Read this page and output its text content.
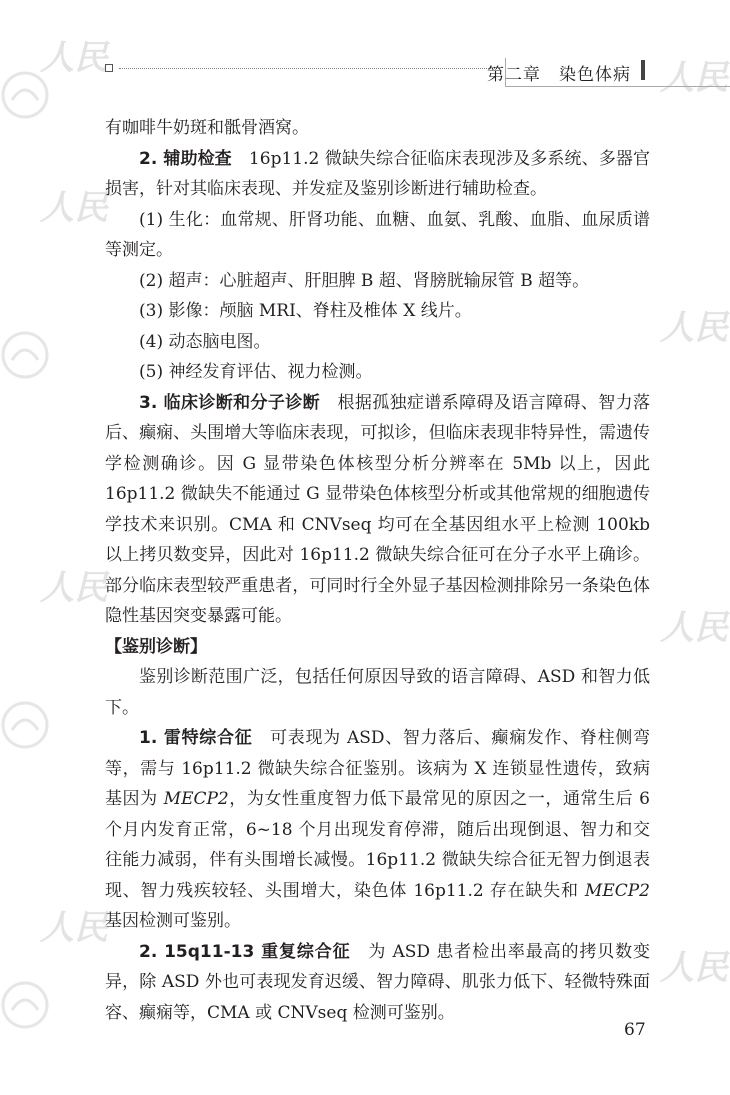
人民	人民
人民
人民
人民
人民
人民
人民
第二章　染色体病

有咖啡牛奶斑和骶骨酒窝。

2. 辅助检查　16p11.2 微缺失综合征临床表现涉及多系统、多器官损害，针对其临床表现、并发症及鉴别诊断进行辅助检查。

(1) 生化：血常规、肝肾功能、血糖、血氨、乳酸、血脂、血尿质谱等测定。

(2) 超声：心脏超声、肝胆脾 B 超、肾膀胱输尿管 B 超等。

(3) 影像：颅脑 MRI、脊柱及椎体 X 线片。

(4) 动态脑电图。

(5) 神经发育评估、视力检测。

3. 临床诊断和分子诊断　根据孤独症谱系障碍及语言障碍、智力落后、癫痫、头围增大等临床表现，可拟诊，但临床表现非特异性，需遗传学检测确诊。因 G 显带染色体核型分析分辨率在 5Mb 以上，因此 16p11.2 微缺失不能通过 G 显带染色体核型分析或其他常规的细胞遗传学技术来识别。CMA 和 CNVseq 均可在全基因组水平上检测 100kb 以上拷贝数变异，因此对 16p11.2 微缺失综合征可在分子水平上确诊。部分临床表型较严重患者，可同时行全外显子基因检测排除另一条染色体隐性基因突变暴露可能。

【鉴别诊断】

鉴别诊断范围广泛，包括任何原因导致的语言障碍、ASD 和智力低下。

1. 雷特综合征　可表现为 ASD、智力落后、癫痫发作、脊柱侧弯等，需与 16p11.2 微缺失综合征鉴别。该病为 X 连锁显性遗传，致病基因为 MECP2，为女性重度智力低下最常见的原因之一，通常生后 6 个月内发育正常，6~18 个月出现发育停滞，随后出现倒退、智力和交往能力减弱，伴有头围增长减慢。16p11.2 微缺失综合征无智力倒退表现、智力残疾较轻、头围增大，染色体 16p11.2 存在缺失和 MECP2 基因检测可鉴别。

2. 15q11-13 重复综合征　为 ASD 患者检出率最高的拷贝数变异，除 ASD 外也可表现发育迟缓、智力障碍、肌张力低下、轻微特殊面容、癫痫等，CMA 或 CNVseq 检测可鉴别。

67
